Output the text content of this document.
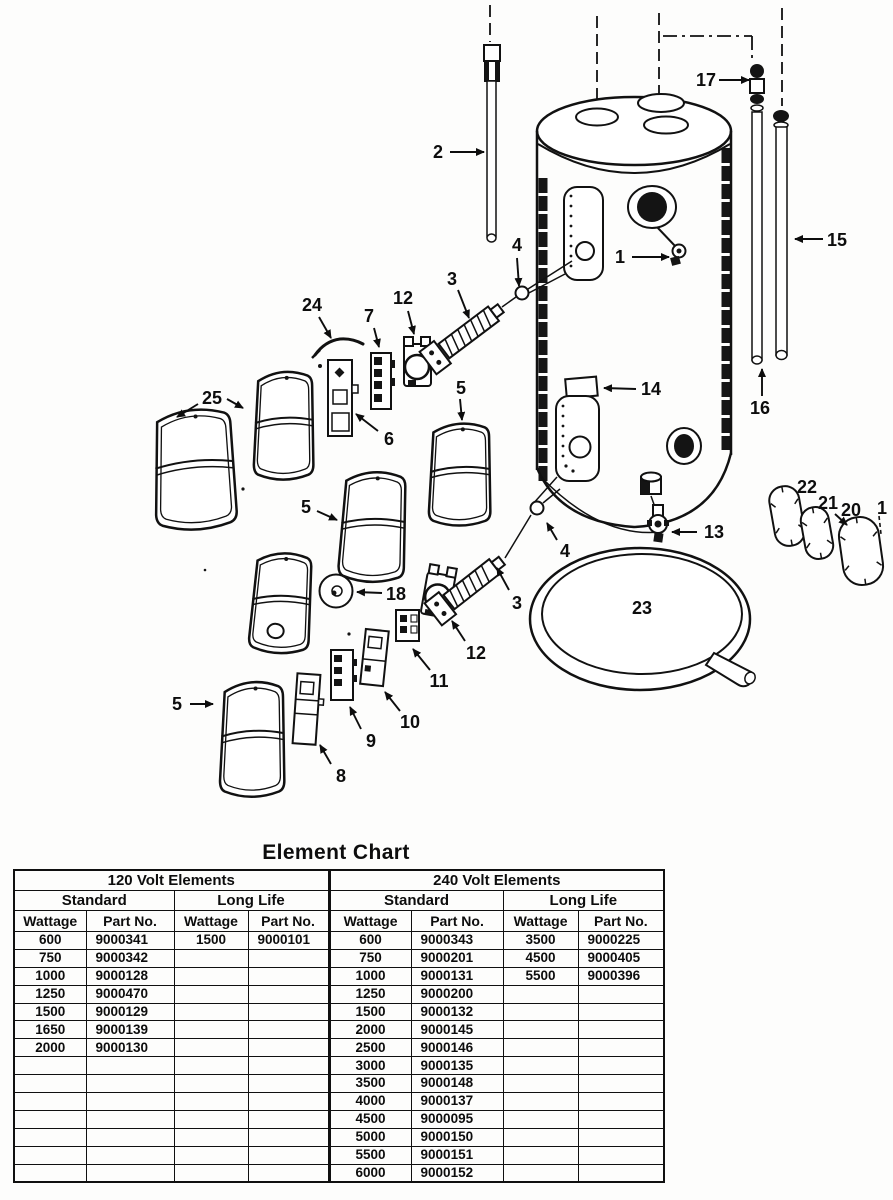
2
17
15
16
1
14
4
3
24
7
12
6
25	5
5
5
18
12
11
10
9
8
3
4
13
23
22
21 20 1
Element Chart
120 Volt Elements				240 Volt Elements			
Standard		Long Life		Standard		Long Life	
Wattage	Part No.	Wattage	Part No.	Wattage	Part No.	Wattage	Part No.
600	9000341	1500	9000101	600	9000343	3500	9000225
750	9000342			750	9000201	4500	9000405
1000	9000128			1000	9000131	5500	9000396
1250	9000470			1250	9000200		
1500	9000129			1500	9000132		
1650	9000139			2000	9000145		
2000	9000130			2500	9000146		
				3000	9000135		
				3500	9000148		
				4000	9000137		
				4500	9000095		
				5000	9000150		
				5500	9000151		
				6000	9000152		
